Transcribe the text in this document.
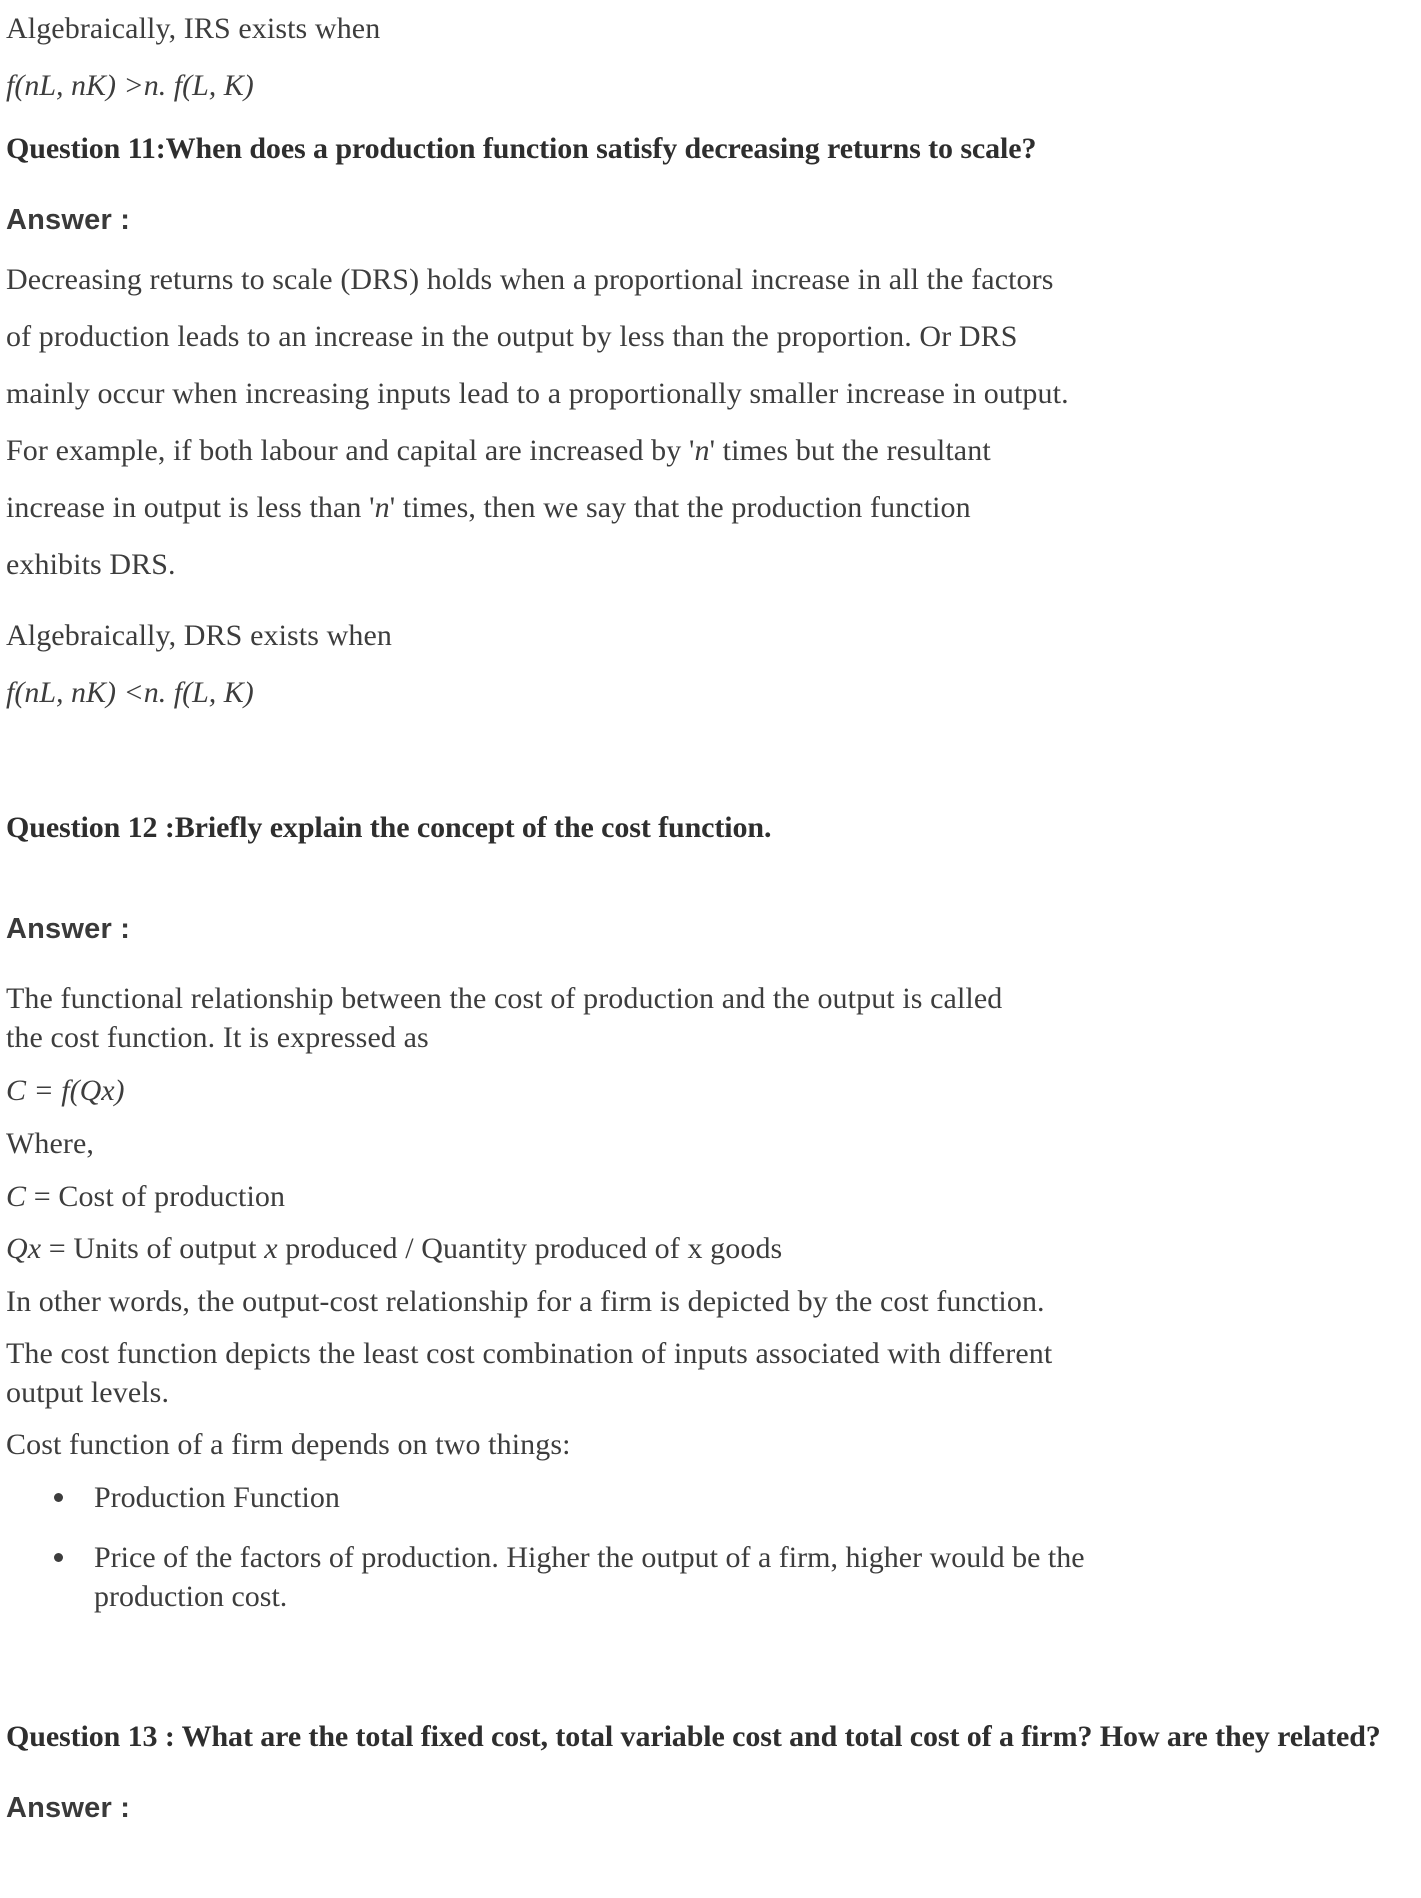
Algebraically, IRS exists when

f(nL, nK) >n. f(L, K)

Question 11:When does a production function satisfy decreasing returns to scale?

Answer :

Decreasing returns to scale (DRS) holds when a proportional increase in all the factors of production leads to an increase in the output by less than the proportion. Or DRS mainly occur when increasing inputs lead to a proportionally smaller increase in output. For example, if both labour and capital are increased by 'n' times but the resultant increase in output is less than 'n' times, then we say that the production function exhibits DRS.

Algebraically, DRS exists when

f(nL, nK) <n. f(L, K)

Question 12 :Briefly explain the concept of the cost function.

Answer :

The functional relationship between the cost of production and the output is called the cost function. It is expressed as

C = f(Qx)

Where,

C = Cost of production

Qx = Units of output x produced / Quantity produced of x goods

In other words, the output-cost relationship for a firm is depicted by the cost function.

The cost function depicts the least cost combination of inputs associated with different output levels.

Cost function of a firm depends on two things:

Production Function
Price of the factors of production. Higher the output of a firm, higher would be the production cost.

Question 13 : What are the total fixed cost, total variable cost and total cost of a firm? How are they related?

Answer :
